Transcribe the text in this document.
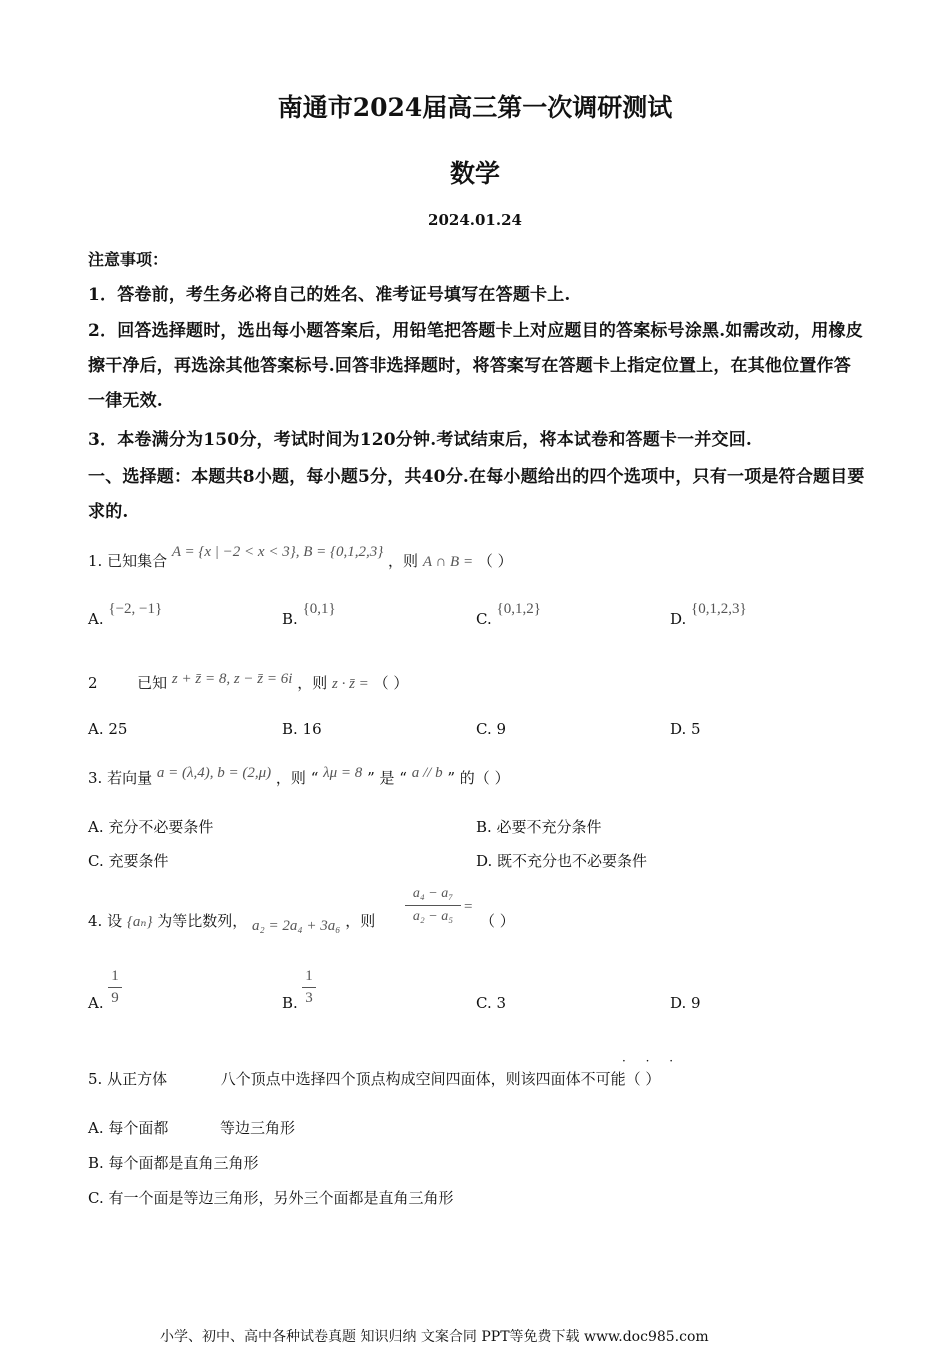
南通市2024届高三第一次调研测试
数学
2024.01.24
注意事项：
1．答卷前，考生务必将自己的姓名、准考证号填写在答题卡上.
2．回答选择题时，选出每小题答案后，用铅笔把答题卡上对应题目的答案标号涂黑.如需改动，用橡皮擦干净后，再选涂其他答案标号.回答非选择题时，将答案写在答题卡上指定位置上，在其他位置作答一律无效.
3．本卷满分为150分，考试时间为120分钟.考试结束后，将本试卷和答题卡一并交回.
一、选择题：本题共8小题，每小题5分，共40分.在每小题给出的四个选项中，只有一项是符合题目要求的.
1. 已知集合 A = {x | −2 < x < 3}, B = {0,1,2,3} ，则 A ∩ B = （ ）
A. {−2, −1}
B. {0,1}
C. {0,1,2}
D. {0,1,2,3}
2	已知 z + z̄ = 8, z − z̄ = 6i ，则 z · z̄ = （ ）
A. 25	B. 16	C. 9	D. 5
3. 若向量 a = (λ,4), b = (2,μ) ，则 “ λμ = 8 ” 是 “ a // b ” 的（ ）
A. 充分不必要条件	B. 必要不充分条件
C. 充要条件	D. 既不充分也不必要条件
4. 设 {aₙ} 为等比数列， a₂ = 2a₄ + 3a₆ ，则
a₄ − a₇
a₂ − a₅
=
（ ）
A.
1
9	B.
1
3	C. 3	D. 9
· · ·
5. 从正方体	八个顶点中选择四个顶点构成空间四面体，则该四面体不可能（ ）
A. 每个面都	等边三角形
B. 每个面都是直角三角形
C. 有一个面是等边三角形，另外三个面都是直角三角形
小学、初中、高中各种试卷真题 知识归纳 文案合同 PPT等免费下载 www.doc985.com
